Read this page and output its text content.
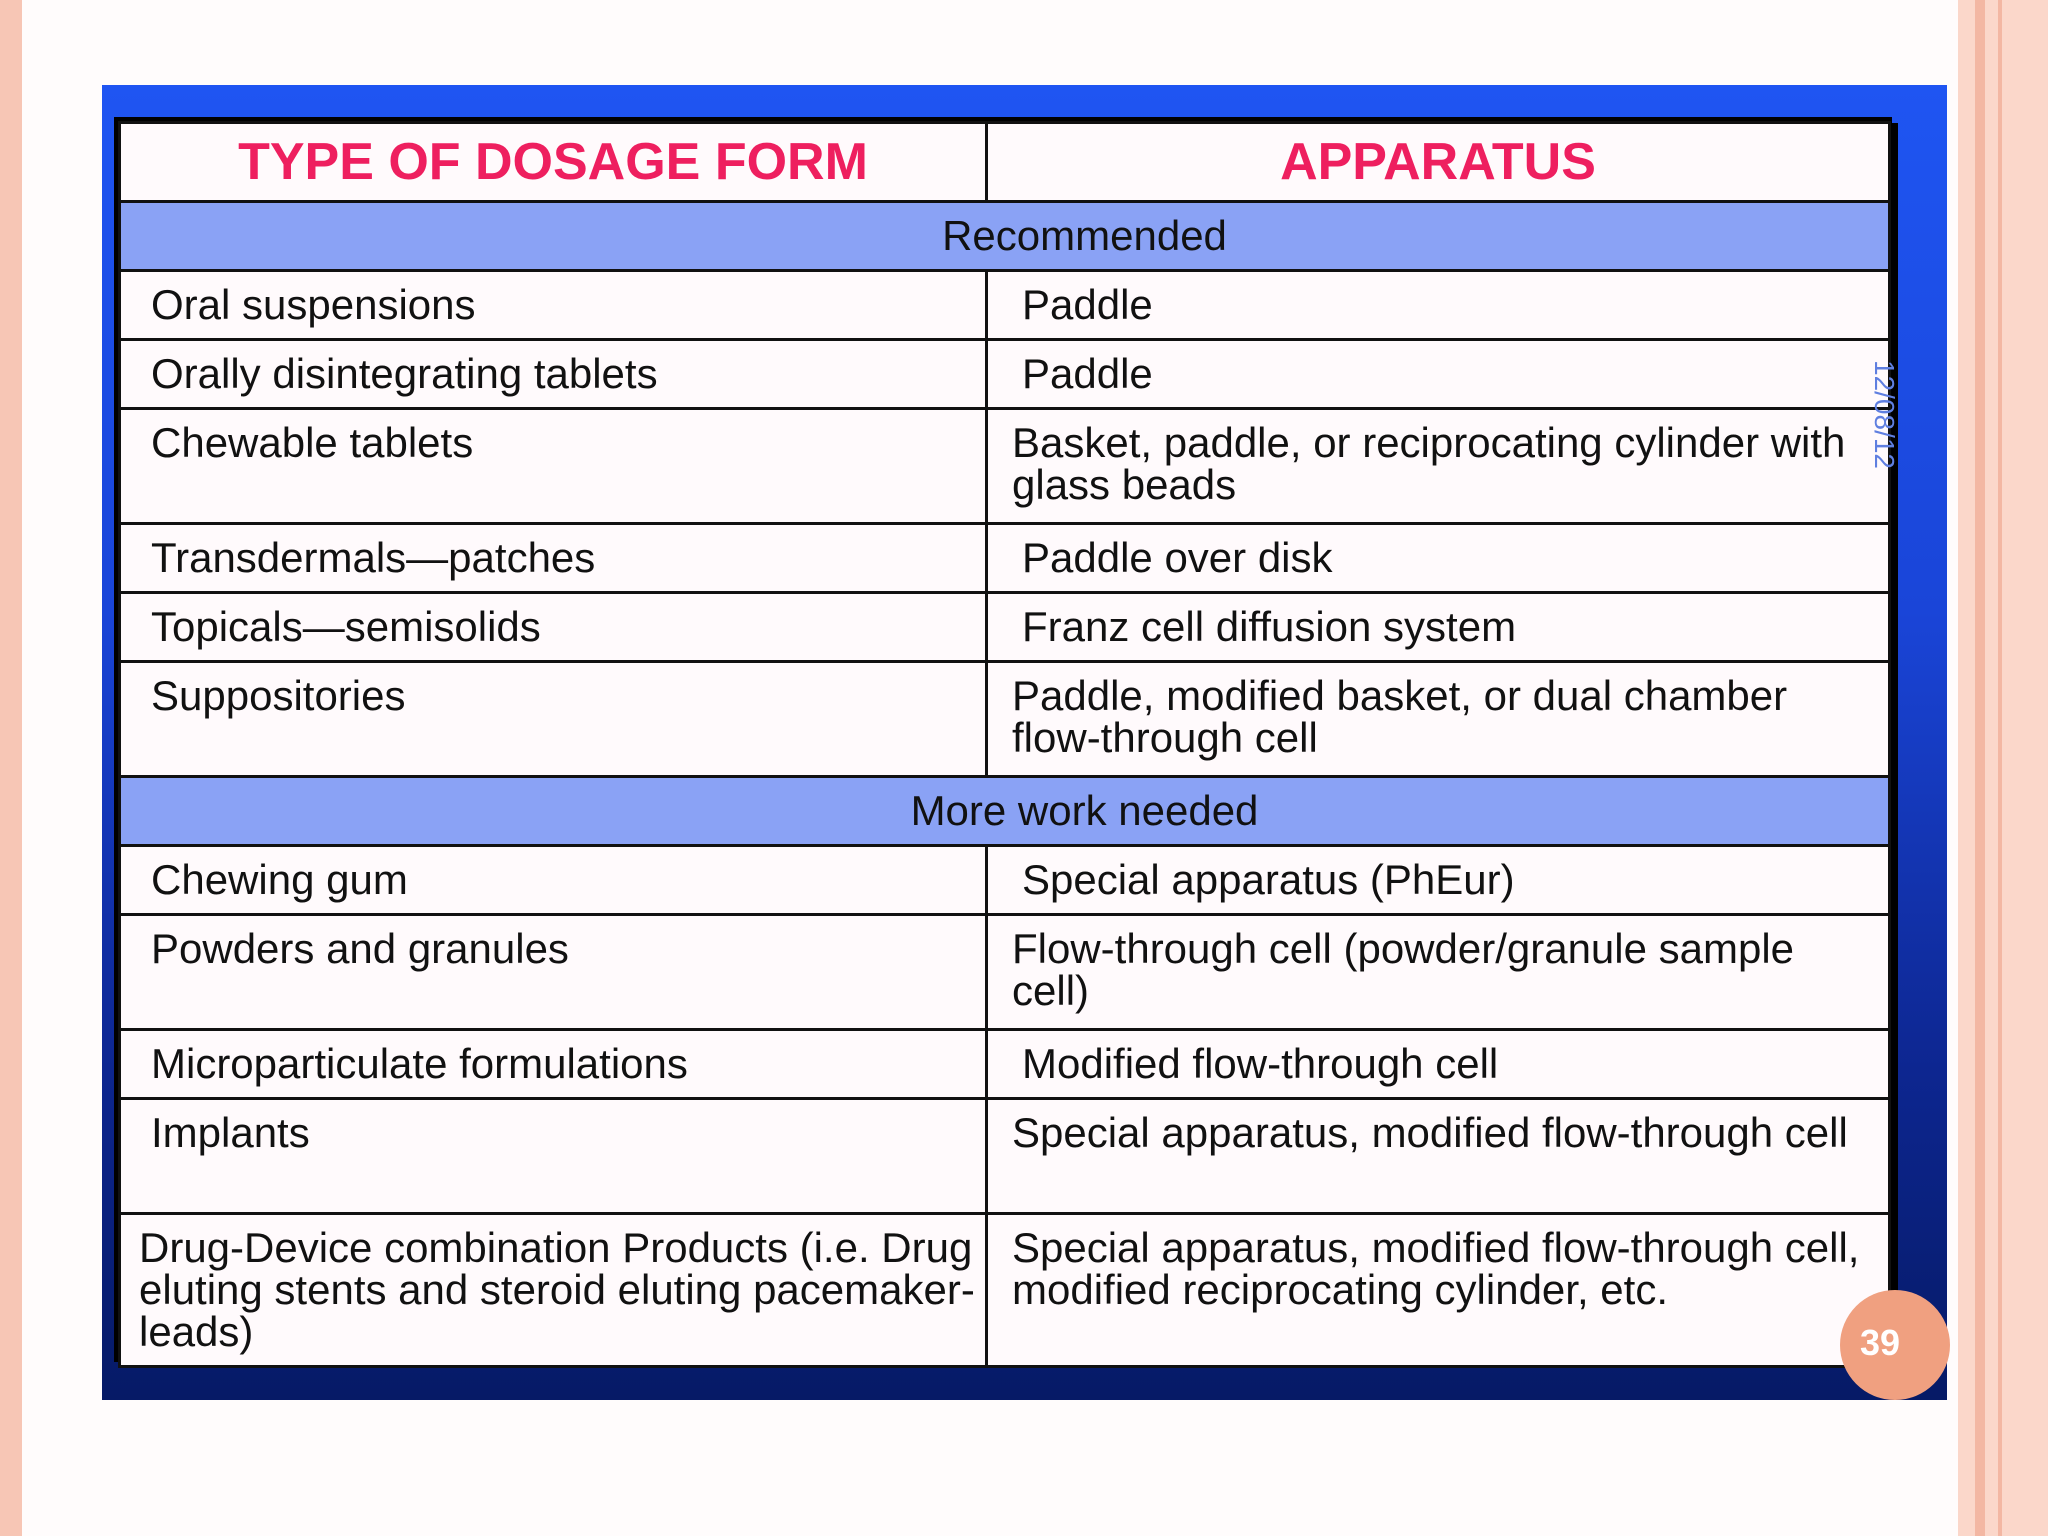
TYPE OF DOSAGE FORM	APPARATUS
Recommended	
Oral suspensions	Paddle
Orally disintegrating tablets	Paddle
Chewable tablets	Basket, paddle, or reciprocating cylinder with glass beads
Transdermals—patches	Paddle over disk
Topicals—semisolids	Franz cell diffusion system
Suppositories	Paddle, modified basket, or dual chamber flow-through cell
More work needed	
Chewing gum	Special apparatus (PhEur)
Powders and granules	Flow-through cell (powder/granule sample cell)
Microparticulate formulations	Modified flow-through cell
Implants	Special apparatus, modified flow-through cell
Drug-Device combination Products (i.e. Drug eluting stents and steroid eluting pacemaker-leads)	Special apparatus, modified flow-through cell, modified reciprocating cylinder, etc.
12/08/12
39
